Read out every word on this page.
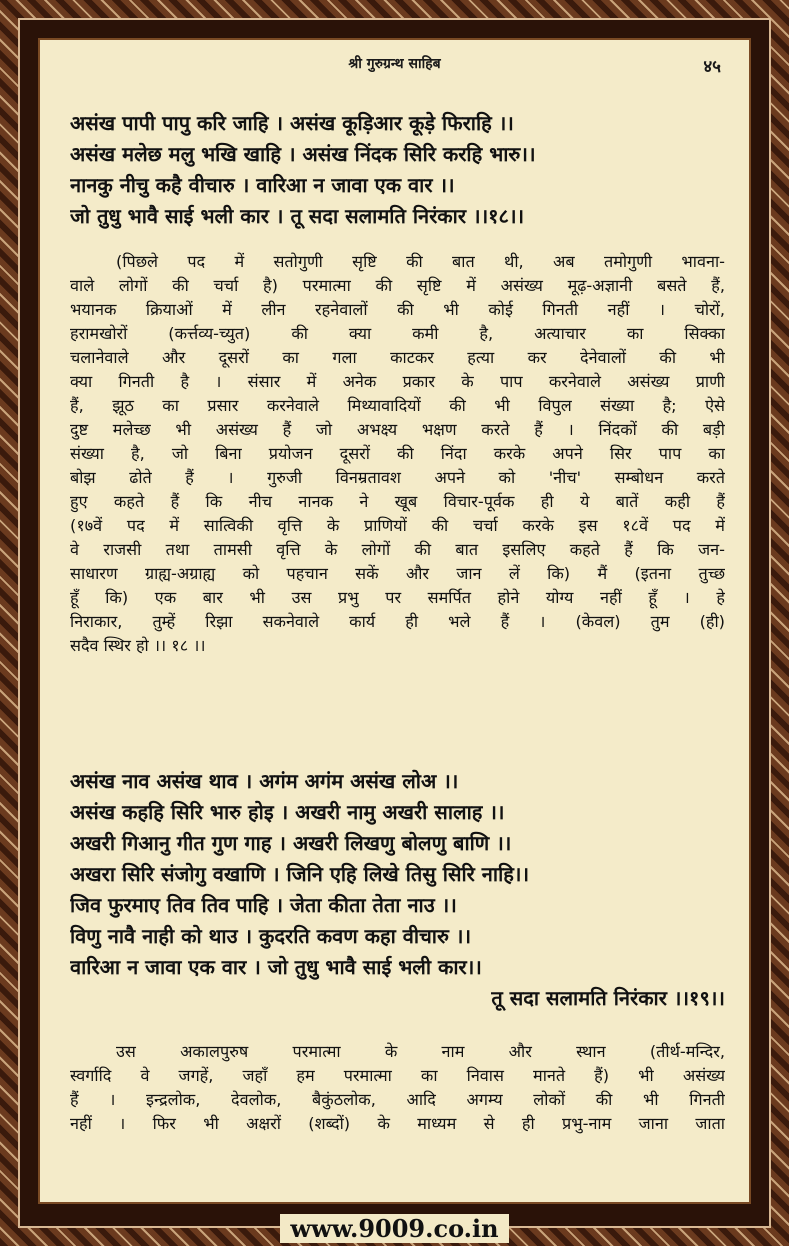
श्री गुरुग्रन्थ साहिब	४५
असंख पापी पापु करि जाहि । असंख कूड़िआर कूड़े फिराहि ।।
असंख मलेछ मलु भखि खाहि । असंख निंदक सिरि करहि भारु।।
नानकु नीचु कहै वीचारु । वारिआ न जावा एक वार ।।
जो तुधु भावै साई भली कार । तू सदा सलामति निरंकार ।।१८।।
(पिछले पद में सतोगुणी सृष्टि की बात थी, अब तमोगुणी भावना-
वाले लोगों की चर्चा है) परमात्मा की सृष्टि में असंख्य मूढ़-अज्ञानी बसते हैं,
भयानक क्रियाओं में लीन रहनेवालों की भी कोई गिनती नहीं । चोरों,
हरामखोरों (कर्त्तव्य-च्युत) की क्या कमी है, अत्याचार का सिक्का
चलानेवाले और दूसरों का गला काटकर हत्या कर देनेवालों की भी
क्या गिनती है । संसार में अनेक प्रकार के पाप करनेवाले असंख्य प्राणी
हैं, झूठ का प्रसार करनेवाले मिथ्यावादियों की भी विपुल संख्या है; ऐसे
दुष्ट मलेच्छ भी असंख्य हैं जो अभक्ष्य भक्षण करते हैं । निंदकों की बड़ी
संख्या है, जो बिना प्रयोजन दूसरों की निंदा करके अपने सिर पाप का
बोझ ढोते हैं । गुरुजी विनम्रतावश अपने को 'नीच' सम्बोधन करते
हुए कहते हैं कि नीच नानक ने खूब विचार-पूर्वक ही ये बातें कही हैं
(१७वें पद में सात्विकी वृत्ति के प्राणियों की चर्चा करके इस १८वें पद में
वे राजसी तथा तामसी वृत्ति के लोगों की बात इसलिए कहते हैं कि जन-
साधारण ग्राह्य-अग्राह्य को पहचान सकें और जान लें कि) मैं (इतना तुच्छ
हूँ कि) एक बार भी उस प्रभु पर समर्पित होने योग्य नहीं हूँ । हे
निराकार, तुम्हें रिझा सकनेवाले कार्य ही भले हैं । (केवल) तुम (ही)
सदैव स्थिर हो ।। १८ ।।
असंख नाव असंख थाव । अगंम अगंम असंख लोअ ।।
असंख कहहि सिरि भारु होइ । अखरी नामु अखरी सालाह ।।
अखरी गिआनु गीत गुण गाह । अखरी लिखणु बोलणु बाणि ।।
अखरा सिरि संजोगु वखाणि । जिनि एहि लिखे तिसु सिरि नाहि।।
जिव फुरमाए तिव तिव पाहि । जेता कीता तेता नाउ ।।
विणु नावै नाही को थाउ । कुदरति कवण कहा वीचारु ।।
वारिआ न जावा एक वार । जो तुधु भावै साई भली कार।।
तू सदा सलामति निरंकार ।।१९।।
उस अकालपुरुष परमात्मा के नाम और स्थान (तीर्थ-मन्दिर,
स्वर्गादि वे जगहें, जहाँ हम परमात्मा का निवास मानते हैं) भी असंख्य
हैं । इन्द्रलोक, देवलोक, बैकुंठलोक, आदि अगम्य लोकों की भी गिनती
नहीं । फिर भी अक्षरों (शब्दों) के माध्यम से ही प्रभु-नाम जाना जाता
www.9009.co.in
